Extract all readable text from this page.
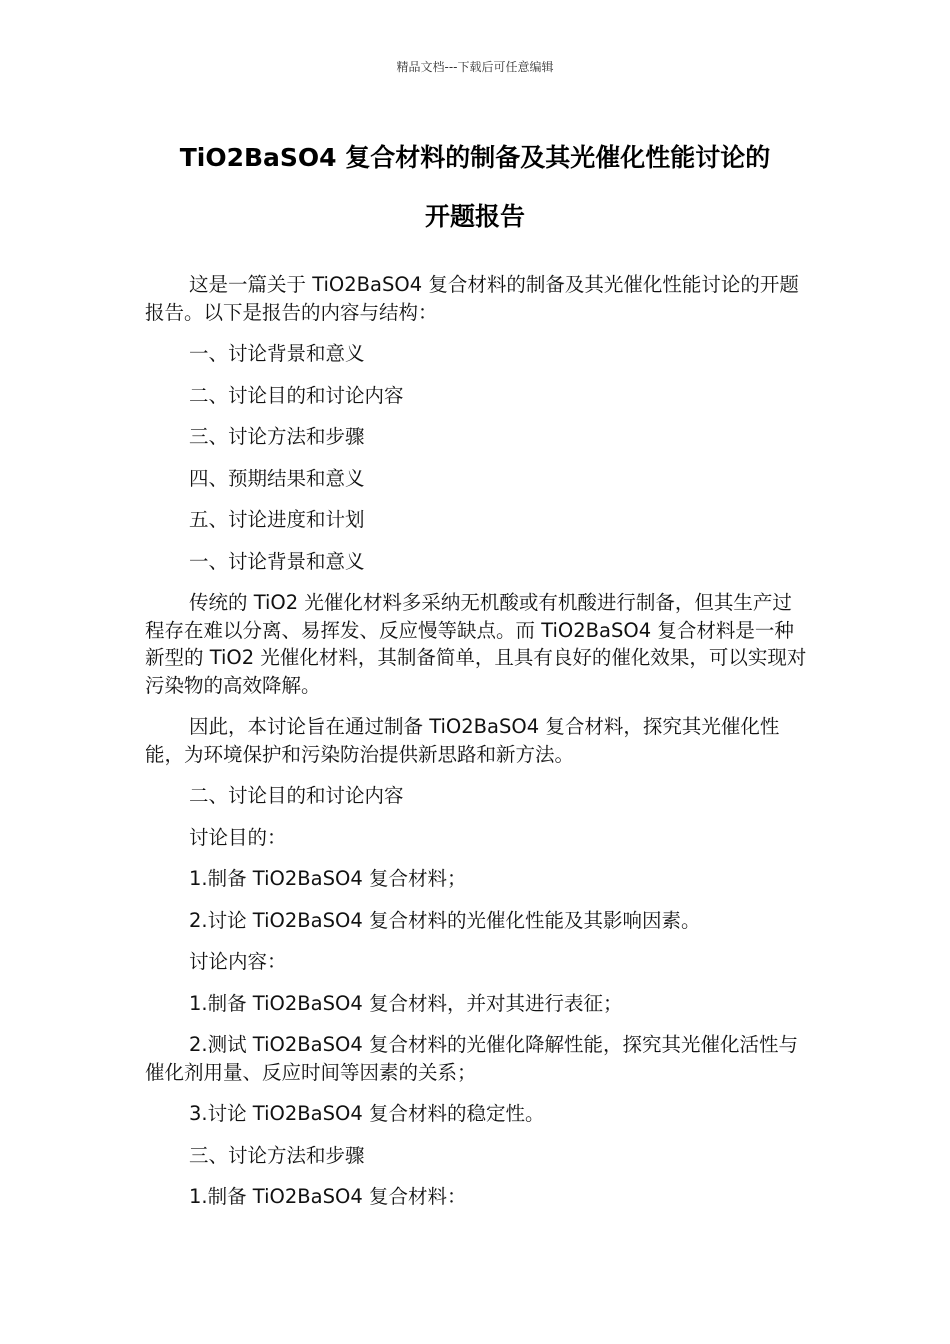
精品文档---下载后可任意编辑
TiO2BaSO4 复合材料的制备及其光催化性能讨论的
开题报告

这是一篇关于 TiO2BaSO4 复合材料的制备及其光催化性能讨论的开题报告。以下是报告的内容与结构：

一、讨论背景和意义

二、讨论目的和讨论内容

三、讨论方法和步骤

四、预期结果和意义

五、讨论进度和计划

一、讨论背景和意义

传统的 TiO2 光催化材料多采纳无机酸或有机酸进行制备，但其生产过程存在难以分离、易挥发、反应慢等缺点。而 TiO2BaSO4 复合材料是一种新型的 TiO2 光催化材料，其制备简单，且具有良好的催化效果，可以实现对污染物的高效降解。

因此，本讨论旨在通过制备 TiO2BaSO4 复合材料，探究其光催化性能，为环境保护和污染防治提供新思路和新方法。

二、讨论目的和讨论内容

讨论目的：

1.制备 TiO2BaSO4 复合材料；

2.讨论 TiO2BaSO4 复合材料的光催化性能及其影响因素。

讨论内容：

1.制备 TiO2BaSO4 复合材料，并对其进行表征；

2.测试 TiO2BaSO4 复合材料的光催化降解性能，探究其光催化活性与催化剂用量、反应时间等因素的关系；

3.讨论 TiO2BaSO4 复合材料的稳定性。

三、讨论方法和步骤

1.制备 TiO2BaSO4 复合材料：
